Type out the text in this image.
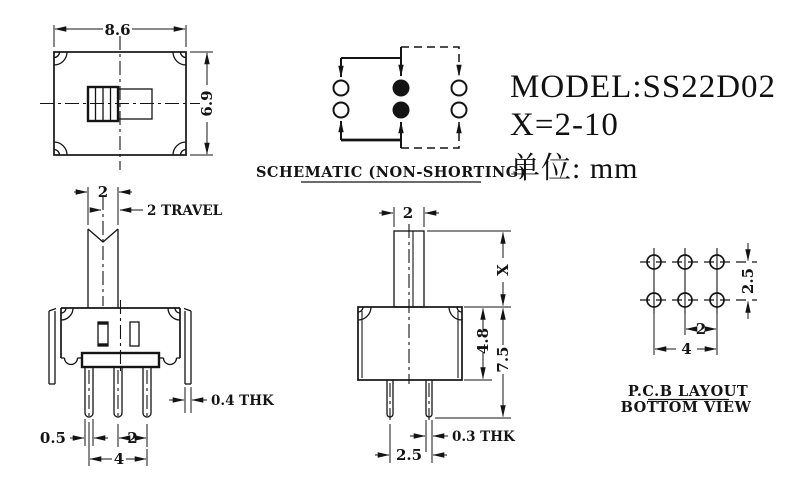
8.6
6.9
SCHEMATIC (NON-SHORTING)
MODEL:SS22D02
X=2-10
单位: mm
2
2 TRAVEL
0.4 THK
0.5	2
4
2
X
4.8
7.5
0.3 THK
2.5
2.5
2
4
P.C.B LAYOUT
BOTTOM VIEW
